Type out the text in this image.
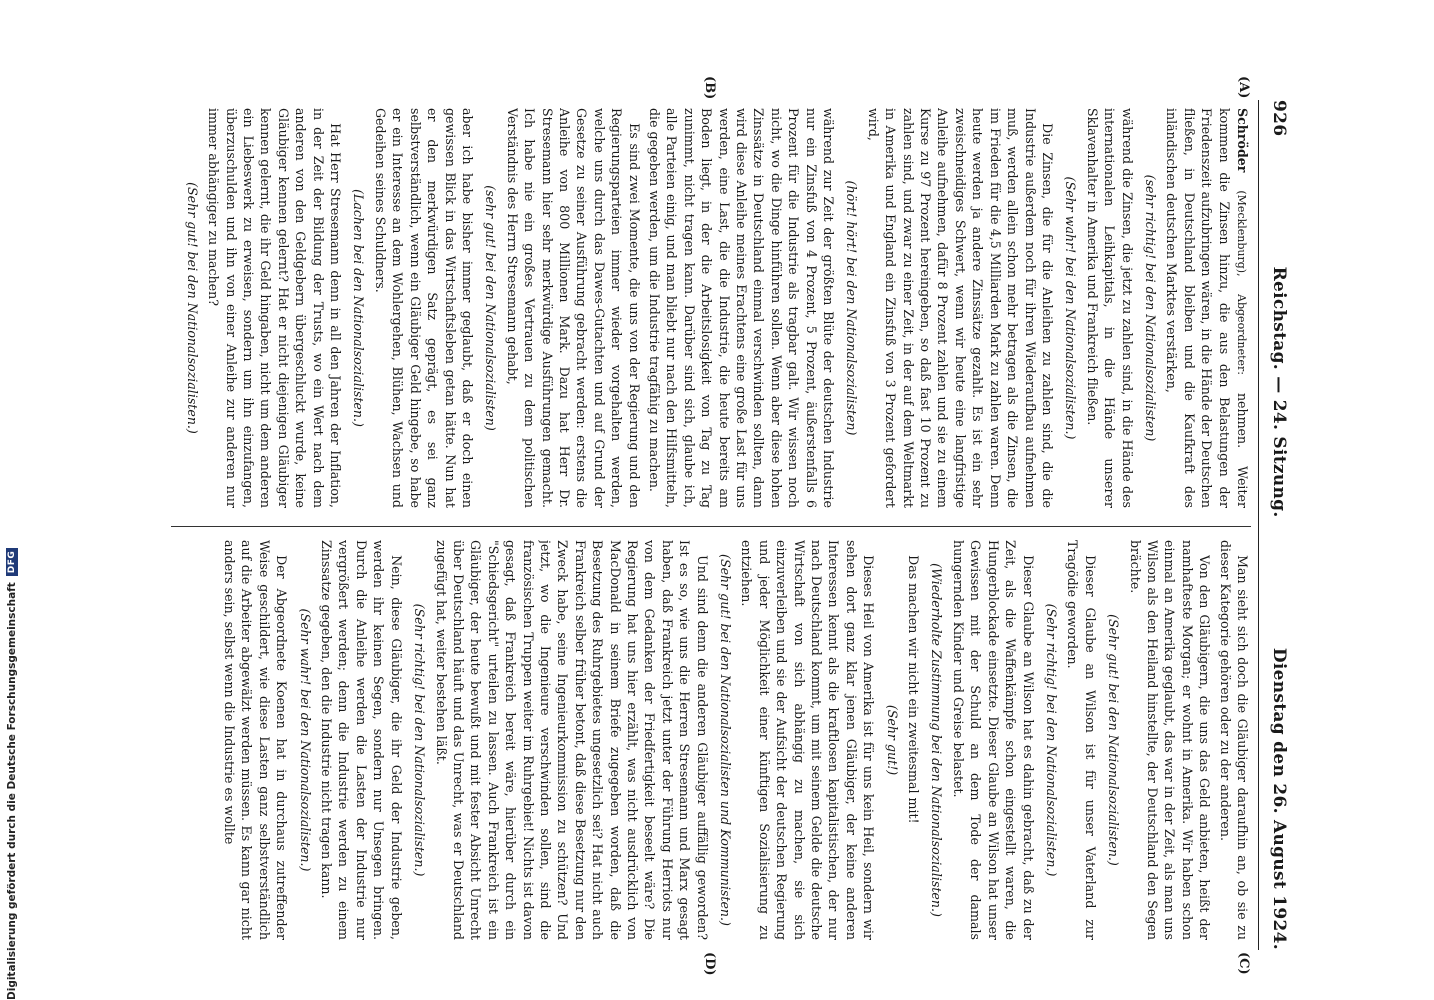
926
Reichstag. — 24. Sitzung.
Dienstag den 26. August 1924.
(A)
(B)
(C)
(D)

Schröder (Mecklenburg), Abgeordneter: nehmen. Weiter kommen die Zinsen hinzu, die aus den Belastungen der Friedenszeit aufzubringen wären, in die Hände der Deutschen fließen, in Deutschland bleiben und die Kaufkraft des inländischen deutschen Marktes verstärken,

(sehr richtig! bei den Nationalsozialisten)

während die Zinsen, die jetzt zu zahlen sind, in die Hände des internationalen Leihkapitals, in die Hände unserer Sklavenhalter in Amerika und Frankreich fließen.

(Sehr wahr! bei den Nationalsozialisten.)

Die Zinsen, die für die Anleihen zu zahlen sind, die die Industrie außerdem noch für ihren Wiederaufbau aufnehmen muß, werden allein schon mehr betragen als die Zinsen, die im Frieden für die 4,5 Milliarden Mark zu zahlen waren. Denn heute werden ja andere Zinssätze gezahlt. Es ist ein sehr zweischneidiges Schwert, wenn wir heute eine langfristige Anleihe aufnehmen, dafür 8 Prozent zahlen und sie zu einem Kurse zu 97 Prozent hereingeben, so daß fast 10 Prozent zu zahlen sind, und zwar zu einer Zeit, in der auf dem Weltmarkt in Amerika und England ein Zinsfuß von 3 Prozent gefordert wird,

(hört! hört! bei den Nationalsozialisten)

während zur Zeit der größten Blüte der deutschen Industrie nur ein Zinsfuß von 4 Prozent, 5 Prozent, äußerstenfalls 6 Prozent für die Industrie als tragbar galt. Wir wissen noch nicht, wo die Dinge hinführen sollen. Wenn aber diese hohen Zinssätze in Deutschland einmal verschwinden sollten, dann wird diese Anleihe meines Erachtens eine große Last für uns werden, eine Last, die die Industrie, die heute bereits am Boden liegt, in der die Arbeitslosigkeit von Tag zu Tag zunimmt, nicht tragen kann. Darüber sind sich, glaube ich, alle Parteien einig, und man bliebt nur nach den Hilfsmitteln, die gegeben werden, um die Industrie tragfähig zu machen.

Es sind zwei Momente, die uns von der Regierung und den Regierungsparteien immer wieder vorgehalten werden, welche uns durch das Dawes-Gutachten und auf Grund der Gesetze zu seiner Ausführung gebracht werden: erstens die Anleihe von 800 Millionen Mark. Dazu hat Herr Dr. Stresemann hier sehr merkwürdige Ausführungen gemacht. Ich habe nie ein großes Vertrauen zu dem politischen Verständnis des Herrn Stresemann gehabt,

(sehr gut! bei den Nationalsozialisten)

aber ich habe bisher immer geglaubt, daß er doch einen gewissen Blick in das Wirtschaftsleben getan hätte. Nun hat er den merkwürdigen Satz geprägt, es sei ganz selbstverständlich, wenn ein Gläubiger Geld hingebe, so habe er ein Interesse an dem Wohlergehen, Blühen, Wachsen und Gedeihen seines Schuldners.

(Lachen bei den Nationalsozialisten.)

Hat Herr Stresemann denn in all den Jahren der Inflation, in der Zeit der Bildung der Trusts, wo ein Wert nach dem anderen von den Geldgebern übergeschluckt wurde, keine Gläubiger kennen gelernt? Hat er nicht diejenigen Gläubiger kennen gelernt, die ihr Geld hingaben, nicht um dem anderen ein Liebeswerk zu erweisen, sondern um ihn einzufangen, überzuschulden und ihn von einer Anleihe zur anderen nur immer abhängiger zu machen?

(Sehr gut! bei den Nationalsozialisten.)

Man sieht sich doch die Gläubiger daraufhin an, ob sie zu dieser Kategorie gehören oder zu der anderen.

Von den Gläubigern, die uns das Geld anbieten, heißt der namhafteste Morgan; er wohnt in Amerika. Wir haben schon einmal an Amerika geglaubt, das war in der Zeit, als man uns Wilson als den Heiland hinstellte, der Deutschland den Segen brächte.

(Sehr gut! bei den Nationalsozialisten.)

Dieser Glaube an Wilson ist für unser Vaterland zur Tragödie geworden.

(Sehr richtig! bei den Nationalsozialisten.)

Dieser Glaube an Wilson hat es dahin gebracht, daß zu der Zeit, als die Waffenkämpfe schon eingestellt waren, die Hungerblockade einsetzte. Dieser Glaube an Wilson hat unser Gewissen mit der Schuld an dem Tode der damals hungernden Kinder und Greise belastet.

(Wiederholte Zustimmung bei den Nationalsozialisten.)

Das machen wir nicht ein zweitesmal mit!

(Sehr gut!)

Dieses Heil von Amerika ist für uns kein Heil, sondern wir sehen dort ganz klar jenen Gläubiger, der keine anderen Interessen kennt als die kraftlosen kapitalistischen, der nur nach Deutschland kommt, um mit seinem Gelde die deutsche Wirtschaft von sich abhängig zu machen, sie sich einzuverleiben und sie der Aufsicht der deutschen Regierung und jeder Möglichkeit einer künftigen Sozialisierung zu entziehen.

(Sehr gut! bei den Nationalsozialisten und Kommunisten.)

Und sind denn die anderen Gläubiger auffällig geworden? Ist es so, wie uns die Herren Stresemann und Marx gesagt haben, daß Frankreich jetzt unter der Führung Herriots nur von dem Gedanken der Friedfertigkeit beseelt wäre? Die Regierung hat uns hier erzählt, was nicht ausdrücklich von MacDonald in seinem Briefe zugegeben worden, daß die Besetzung des Ruhrgebietes ungesetzlich sei? Hat nicht auch Frankreich selber früher betont, daß diese Besetzung nur den Zweck habe, seine Ingenieurkommission zu schützen? Und jetzt, wo die Ingenieure verschwinden sollen, sind die französischen Truppen weiter im Ruhrgebiet! Nichts ist davon gesagt, daß Frankreich bereit wäre, hierüber durch ein "Schiedsgericht" urteilen zu lassen. Auch Frankreich ist ein Gläubiger, der heute bewußt und mit fester Absicht Unrecht über Deutschland häuft und das Unrecht, was er Deutschland zugefügt hat, weiter bestehen läßt.

(Sehr richtig! bei den Nationalsozialisten.)

Nein, diese Gläubiger, die ihr Geld der Industrie geben, werden ihr keinen Segen, sondern nur Unsegen bringen. Durch die Anleihe werden die Lasten der Industrie nur vergrößert werden; denn die Industrie werden zu einem Zinssatze gegeben, den die Industrie nicht tragen kann.

(Sehr wahr! bei den Nationalsozialisten.)

Der Abgeordnete Koenen hat in durchaus zutreffender Weise geschildert, wie diese Lasten ganz selbstverständlich auf die Arbeiter abgewälzt werden müssen. Es kann gar nicht anders sein, selbst wenn die Industrie es wollte

Digitalisierung gefördert durch die Deutsche Forschungsgemeinschaft
DFG
